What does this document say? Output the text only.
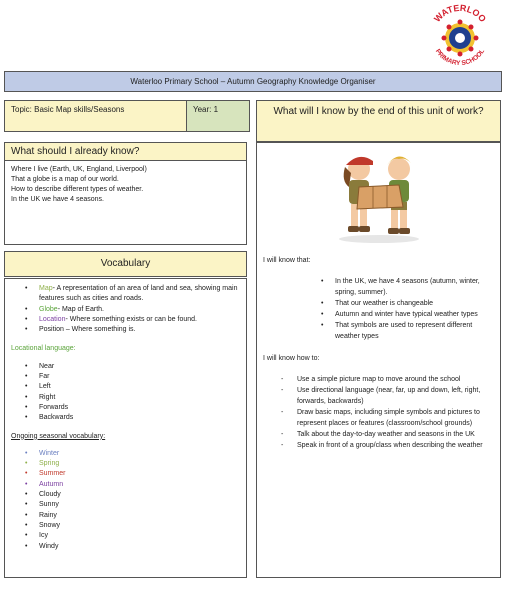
WATERLOO
PRIMARY SCHOOL
Waterloo Primary School – Autumn Geography Knowledge Organiser
Topic: Basic Map skills/Seasons	Year: 1	What will I know by the end of this unit of work?
What should I already know?
Where I live (Earth, UK, England, Liverpool)
That a globe is a map of our world.
How to describe different types of weather.
In the UK we have 4 seasons.
Vocabulary
• Map- A representation of an area of land and sea, showing main features such as cities and roads.
• Globe- Map of Earth.
• Location- Where something exists or can be found.
• Position – Where something is.
Locational language:
• Near
• Far
• Left
• Right
• Forwards
• Backwards
Ongoing seasonal vocabulary:
• Winter
• Spring
• Summer
• Autumn
• Cloudy
• Sunny
• Rainy
• Snowy
• Icy
• Windy
I will know that:
• In the UK, we have 4 seasons (autumn, winter, spring, summer).
• That our weather is changeable
• Autumn and winter have typical weather types
• That symbols are used to represent different weather types
I will know how to:
- Use a simple picture map to move around the school
- Use directional language (near, far, up and down, left, right, forwards, backwards)
- Draw basic maps, including simple symbols and pictures to represent places or features (classroom/school grounds)
- Talk about the day-to-day weather and seasons in the UK
- Speak in front of a group/class when describing the weather
